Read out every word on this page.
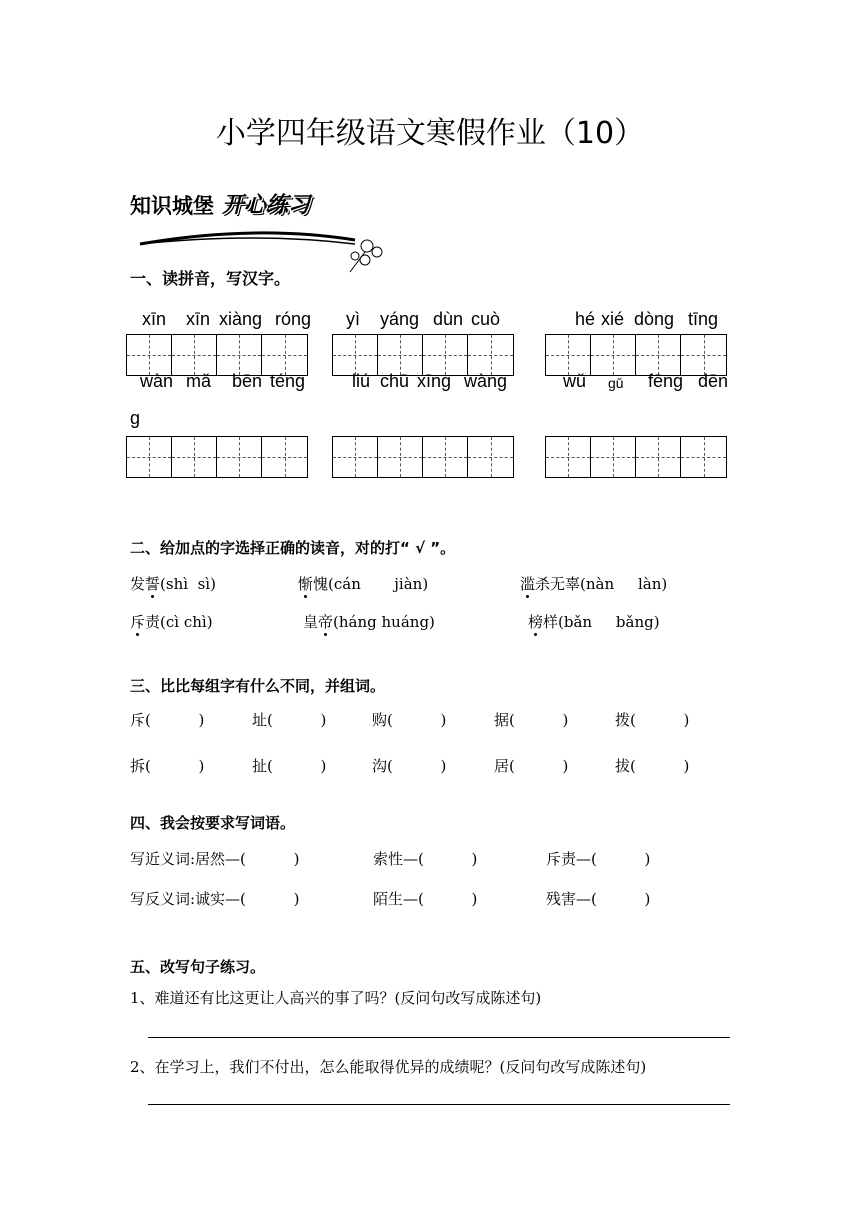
小学四年级语文寒假作业（10）
知识城堡 开心练习
一、读拼音，写汉字。
xīn xīn xiàng róng yì yáng dùn cuò	hé xié dòng tīng
wàn mǎ bēn téng	liú chū xīng wàng	wǔ gǔ fēng dēn
g
二、给加点的字选择正确的读音，对的打“ √ ”。
发誓(shì  sì)	惭愧(cán       jiàn)	滥杀无辜(nàn     làn)
斥责(cì chì)	皇帝(háng huáng)	榜样(bǎn     bǎng)
三、比比每组字有什么不同，并组词。
斥(          )	址(          )	购(          )	据(          )	拨(          )
拆(          )	扯(          )	沟(          )	居(          )	拔(          )
四、我会按要求写词语。
写近义词:居然—(          )	索性—(          )	斥责—(          )
写反义词:诚实—(          )	陌生—(          )	残害—(          )
五、改写句子练习。
1、难道还有比这更让人高兴的事了吗？(反问句改写成陈述句)
2、在学习上，我们不付出，怎么能取得优异的成绩呢？(反问句改写成陈述句)
